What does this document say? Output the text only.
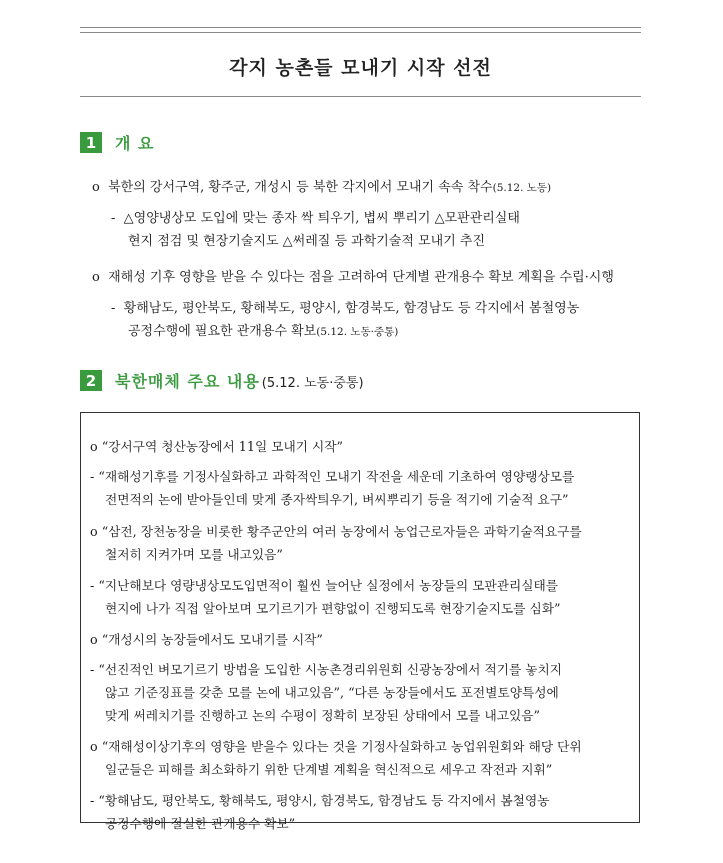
각지 농촌들 모내기 시작 선전
1	개 요
o 북한의 강서구역, 황주군, 개성시 등 북한 각지에서 모내기 속속 착수(5.12. 노동)
- △영양냉상모 도입에 맞는 종자 싹 틔우기, 볍씨 뿌리기 △모판관리실태
현지 점검 및 현장기술지도 △써레질 등 과학기술적 모내기 추진
o 재해성 기후 영향을 받을 수 있다는 점을 고려하여 단계별 관개용수 확보 계획을 수립·시행
- 황해남도, 평안북도, 황해북도, 평양시, 함경북도, 함경남도 등 각지에서 봄철영농
공정수행에 필요한 관개용수 확보(5.12. 노동·중통)
2	북한매체 주요 내용 (5.12. 노동·중통)
o “강서구역 청산농장에서 11일 모내기 시작”
- “재해성기후를 기정사실화하고 과학적인 모내기 작전을 세운데 기초하여 영양랭상모를
전면적의 논에 받아들인데 맞게 종자싹틔우기, 벼씨뿌리기 등을 적기에 기술적 요구”
o “삼전, 장천농장을 비롯한 황주군안의 여러 농장에서 농업근로자들은 과학기술적요구를
철저히 지켜가며 모를 내고있음”
- “지난해보다 영량냉상모도입면적이 훨씬 늘어난 실정에서 농장들의 모판관리실태를
현지에 나가 직접 알아보며 모기르기가 편향없이 진행되도록 현장기술지도를 심화”
o “개성시의 농장들에서도 모내기를 시작”
- “선진적인 벼모기르기 방법을 도입한 시농촌경리위원회 신광농장에서 적기를 놓치지
않고 기준징표를 갖춘 모를 논에 내고있음”, “다른 농장들에서도 포전별토양특성에
맞게 써레치기를 진행하고 논의 수평이 정확히 보장된 상태에서 모를 내고있음”
o “재해성이상기후의 영향을 받을수 있다는 것을 기정사실화하고 농업위원회와 해당 단위
일군들은 피해를 최소화하기 위한 단계별 계획을 혁신적으로 세우고 작전과 지휘”
- “황해남도, 평안북도, 황해북도, 평양시, 함경북도, 함경남도 등 각지에서 봄철영농
공정수행에 절실한 관개용수 확보”
